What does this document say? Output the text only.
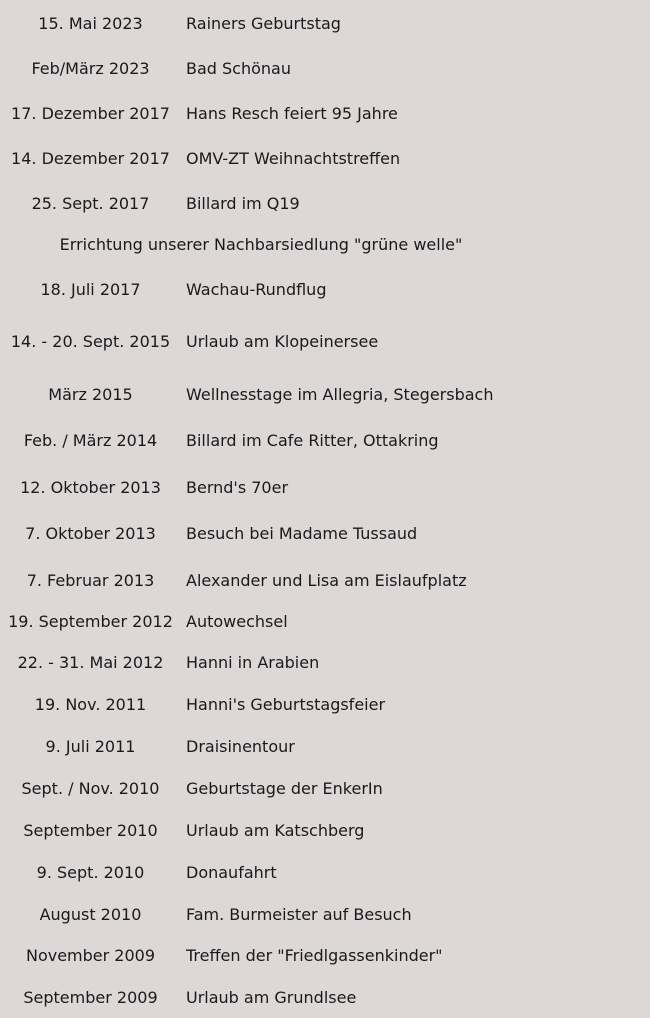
15. Mai 2023	Rainers Geburtstag
Feb/März 2023	Bad Schönau
17. Dezember 2017	Hans Resch feiert 95 Jahre
14. Dezember 2017	OMV-ZT Weihnachtstreffen
25. Sept. 2017	Billard im Q19
Errichtung unserer Nachbarsiedlung "grüne welle"
18. Juli 2017	Wachau-Rundflug
14. - 20. Sept. 2015 Urlaub am Klopeinersee
März 2015	Wellnesstage im Allegria, Stegersbach
Feb. / März 2014	Billard im Cafe Ritter, Ottakring
12. Oktober 2013	Bernd's 70er
7. Oktober 2013	Besuch bei Madame Tussaud
7. Februar 2013	Alexander und Lisa am Eislaufplatz
19. September 2012 Autowechsel
22. - 31. Mai 2012	Hanni in Arabien
19. Nov. 2011	Hanni's Geburtstagsfeier
9. Juli 2011	Draisinentour
Sept. / Nov. 2010	Geburtstage der EnkerIn
September 2010	Urlaub am Katschberg
9. Sept. 2010	Donaufahrt
August 2010	Fam. Burmeister auf Besuch
November 2009	Treffen der "Friedlgassenkinder"
September 2009	Urlaub am Grundlsee
